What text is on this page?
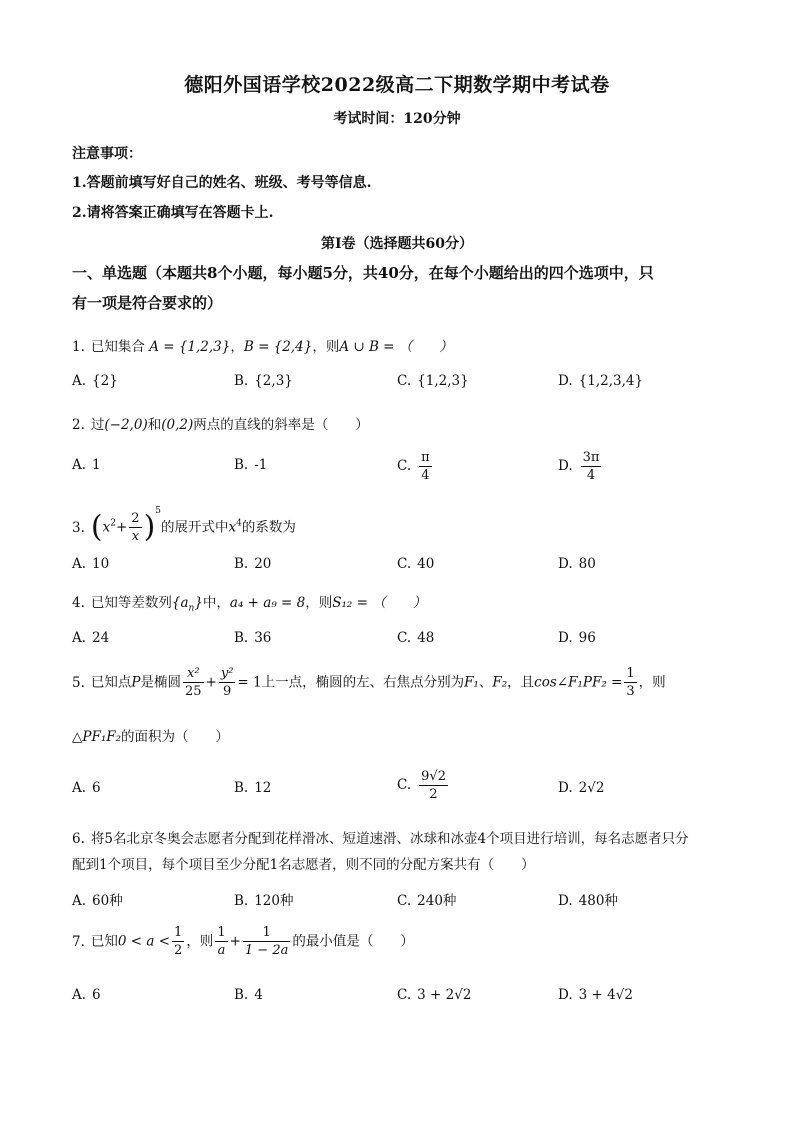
德阳外国语学校2022级高二下期数学期中考试卷
考试时间：120分钟
注意事项：
1.答题前填写好自己的姓名、班级、考号等信息.
2.请将答案正确填写在答题卡上.
第I卷（选择题共60分）
一、单选题（本题共8个小题，每小题5分，共40分，在每个小题给出的四个选项中，只
有一项是符合要求的）
1. 已知集合 A = {1,2,3}，B = {2,4}，则A ∪ B = （　　）
A. {2}	B. {2,3}	C. {1,2,3}	D. {1,2,3,4}
2. 过(−2,0)和(0,2)两点的直线的斜率是（　　）
A. 1	B. -1	C. $\frac{\pi}{4}$	D. $\frac{3\pi}{4}$
3. $(x^2+ \frac{2}{x} )^5$的展开式中$x^4$的系数为
A. 10	B. 20	C. 40	D. 80
4. 已知等差数列$\{a_n\}$中，a₄ + a₉ = 8，则S₁₂ = （　　）
A. 24	B. 36	C. 48	D. 96
5. 已知点P是椭圆 $\frac{\text{x²}}{25} + \frac{\text{y²}}{9} = 1$上一点，椭圆的左、右焦点分别为F₁、F₂，且cos∠F₁PF₂ = $\frac{1}{3}$ ，则
△PF₁F₂的面积为（　　）
A. 6	B. 12	C. $\frac{9√2}{2}$	D. 2√2
6. 将5名北京冬奥会志愿者分配到花样滑冰、短道速滑、冰球和冰壶4个项目进行培训，每名志愿者只分
配到1个项目，每个项目至少分配1名志愿者，则不同的分配方案共有（　　）
A. 60种	B. 120种	C. 240种	D. 480种
7. 已知$0 < a < \frac{1}{2}$ ，则 $\frac{1}{a} + \frac{1}{1 - 2a}$ 的最小值是（　　）
A. 6	B. 4	C. 3 + 2√2	D. 3 + 4√2
